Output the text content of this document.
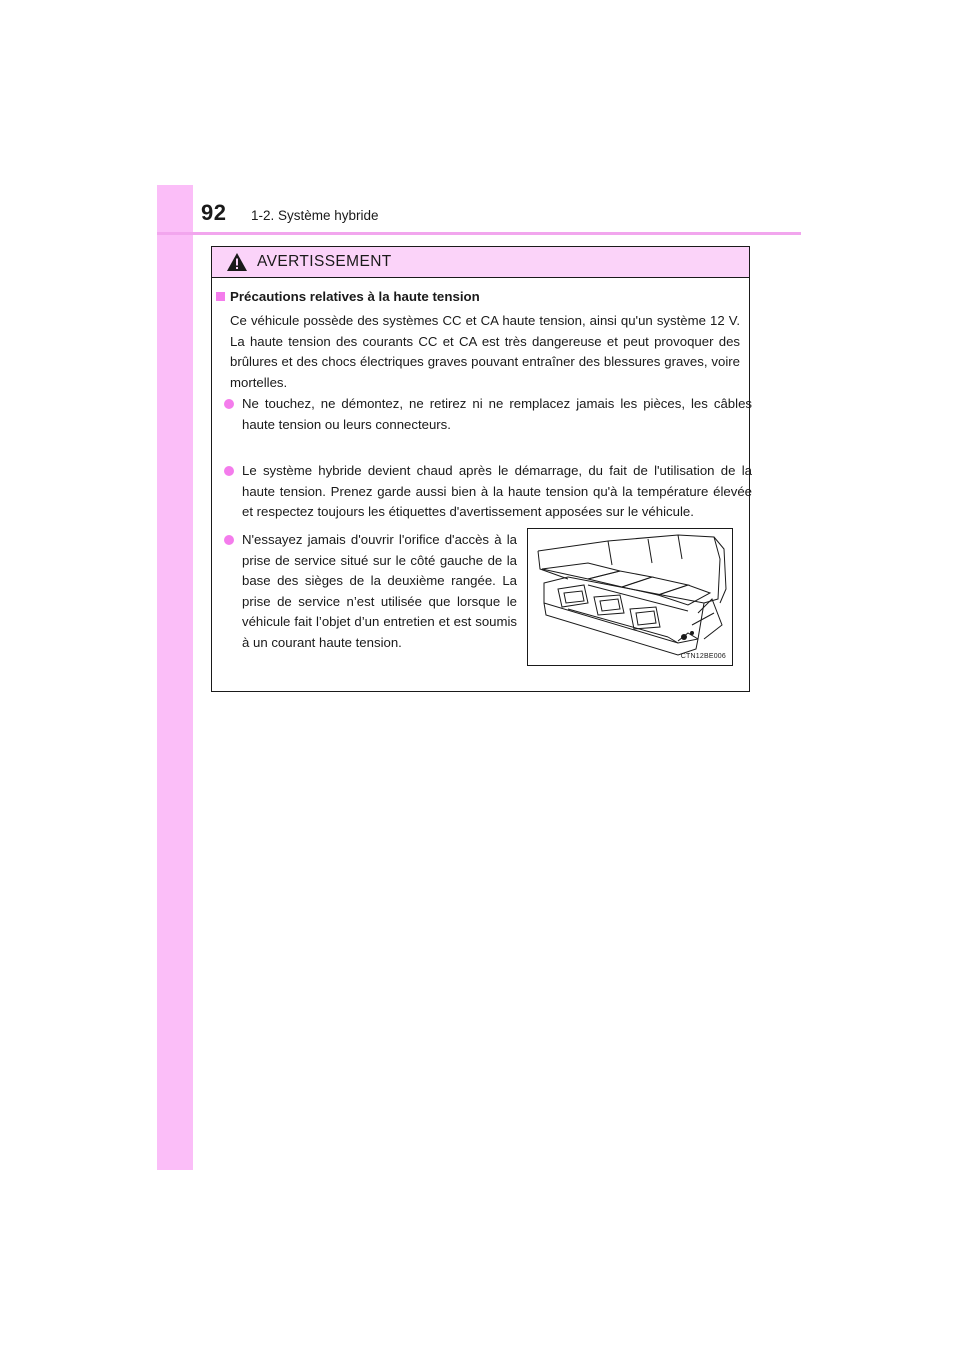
92 1-2. Système hybride
AVERTISSEMENT
Précautions relatives à la haute tension
Ce véhicule possède des systèmes CC et CA haute tension, ainsi qu'un système 12 V. La haute tension des courants CC et CA est très dangereuse et peut provoquer des brûlures et des chocs électriques graves pouvant entraîner des blessures graves, voire mortelles.
Ne touchez, ne démontez, ne retirez ni ne remplacez jamais les pièces, les câbles haute tension ou leurs connecteurs.
Le système hybride devient chaud après le démarrage, du fait de l'utilisation de la haute tension. Prenez garde aussi bien à la haute tension qu'à la température élevée et respectez toujours les étiquettes d'avertissement apposées sur le véhicule.
N'essayez jamais d'ouvrir l'orifice d'accès à la prise de service situé sur le côté gauche de la base des sièges de la deuxième rangée. La prise de service n’est utilisée que lorsque le véhicule fait l’objet d’un entretien et est soumis à un courant haute tension.
CTN12BE006
